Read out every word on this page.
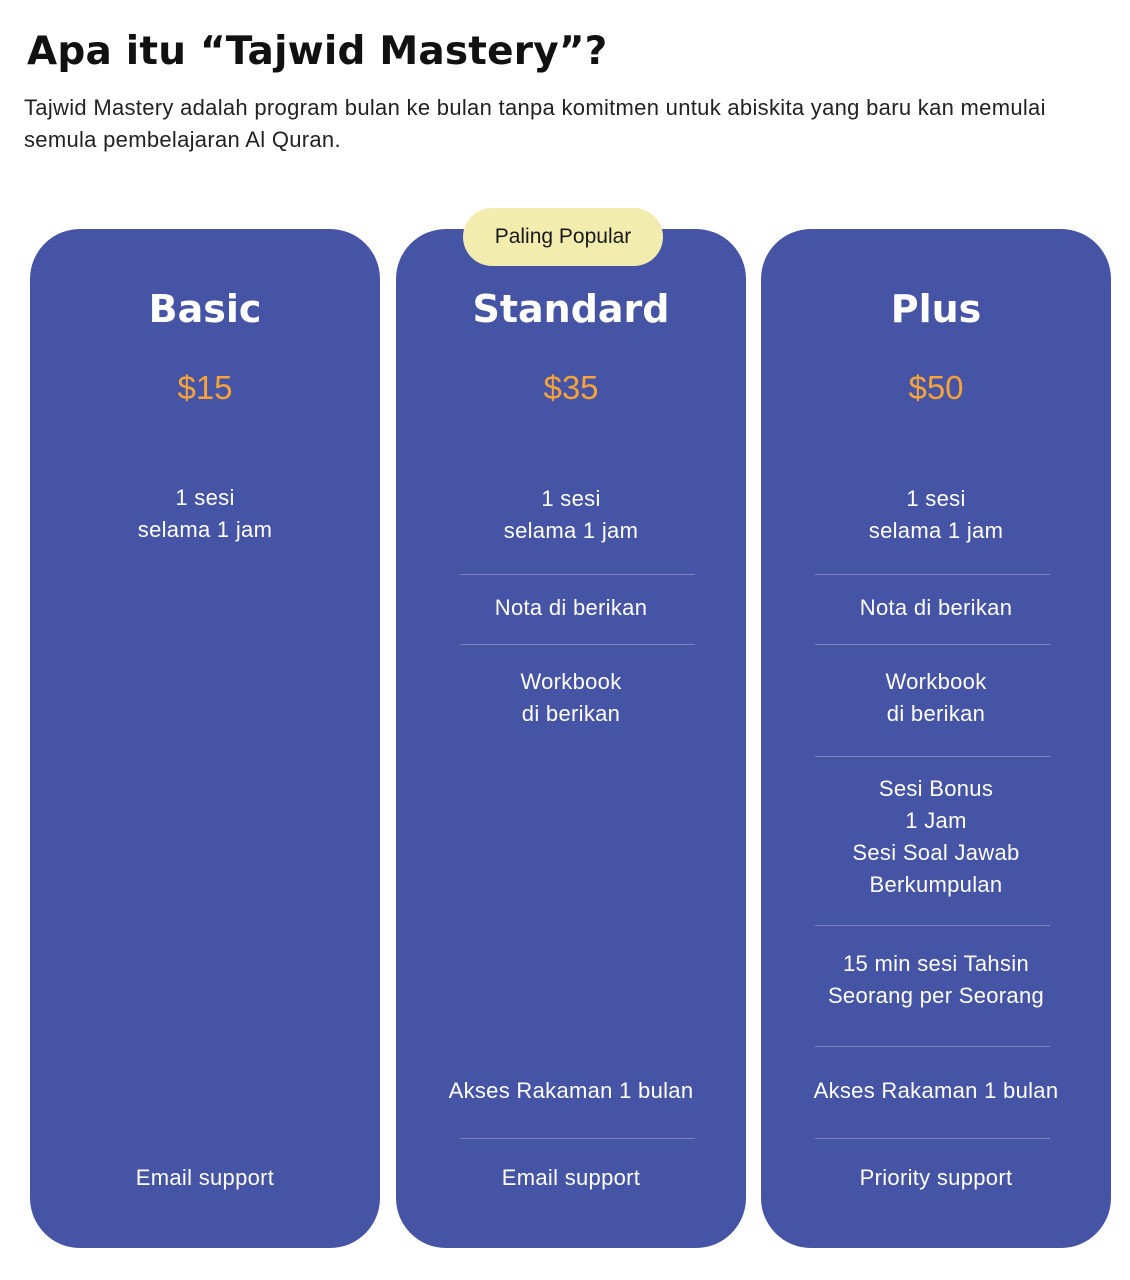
Apa itu “Tajwid Mastery”?

Tajwid Mastery adalah program bulan ke bulan tanpa komitmen untuk abiskita yang baru kan memulai semula pembelajaran Al Quran.

Paling Popular
Basic
$15
1 sesi
selama 1 jam
Email support
Standard
$35
1 sesi
selama 1 jam
Nota di berikan
Workbook
di berikan
Akses Rakaman 1 bulan
Email support
Plus
$50
1 sesi
selama 1 jam
Nota di berikan
Workbook
di berikan
Sesi Bonus
1 Jam
Sesi Soal Jawab
Berkumpulan
15 min sesi Tahsin
Seorang per Seorang
Akses Rakaman 1 bulan
Priority support
